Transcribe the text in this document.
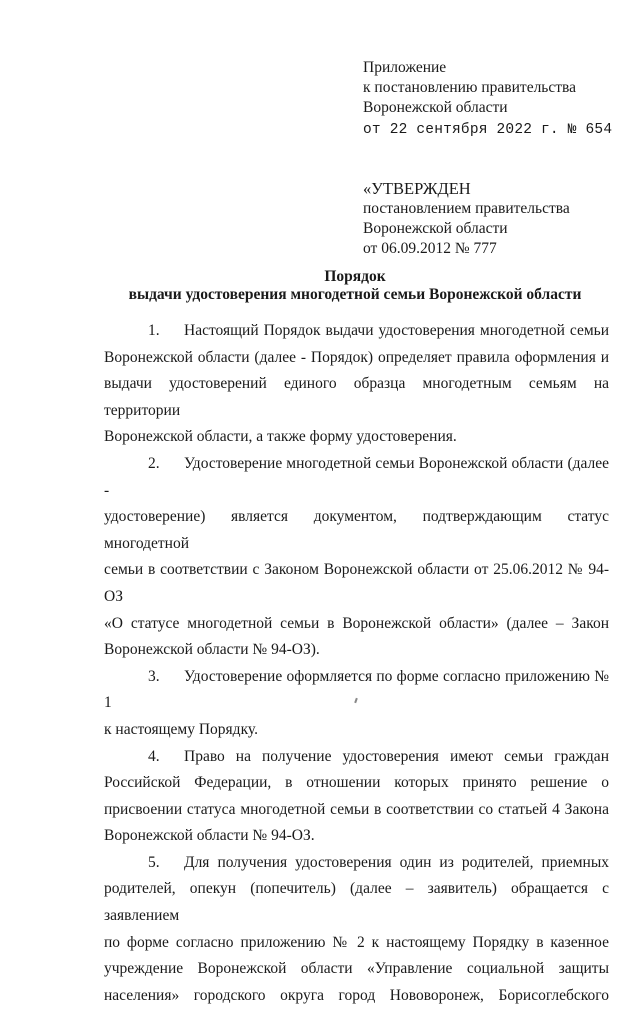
Приложение
к постановлению правительства
Воронежской области
от 22 сентября 2022 г. № 654
«УТВЕРЖДЕН
постановлением правительства
Воронежской области
от 06.09.2012 № 777
Порядок
выдачи удостоверения многодетной семьи Воронежской области
1. Настоящий Порядок выдачи удостоверения многодетной семьи
Воронежской области (далее - Порядок) определяет правила оформления и
выдачи удостоверений единого образца многодетным семьям на территории
Воронежской области, а также форму удостоверения.
2. Удостоверение многодетной семьи Воронежской области (далее -
удостоверение) является документом, подтверждающим статус многодетной
семьи в соответствии с Законом Воронежской области от 25.06.2012 № 94-ОЗ
«О статусе многодетной семьи в Воронежской области» (далее – Закон
Воронежской области № 94-ОЗ).
3. Удостоверение оформляется по форме согласно приложению № 1
к настоящему Порядку.
4. Право на получение удостоверения имеют семьи граждан
Российской Федерации, в отношении которых принято решение о
присвоении статуса многодетной семьи в соответствии со статьей 4 Закона
Воронежской области № 94-ОЗ.
5. Для получения удостоверения один из родителей, приемных
родителей, опекун (попечитель) (далее – заявитель) обращается с заявлением
по форме согласно приложению № 2 к настоящему Порядку в казенное
учреждение Воронежской области «Управление социальной защиты
населения» городского округа город Нововоронеж, Борисоглебского
